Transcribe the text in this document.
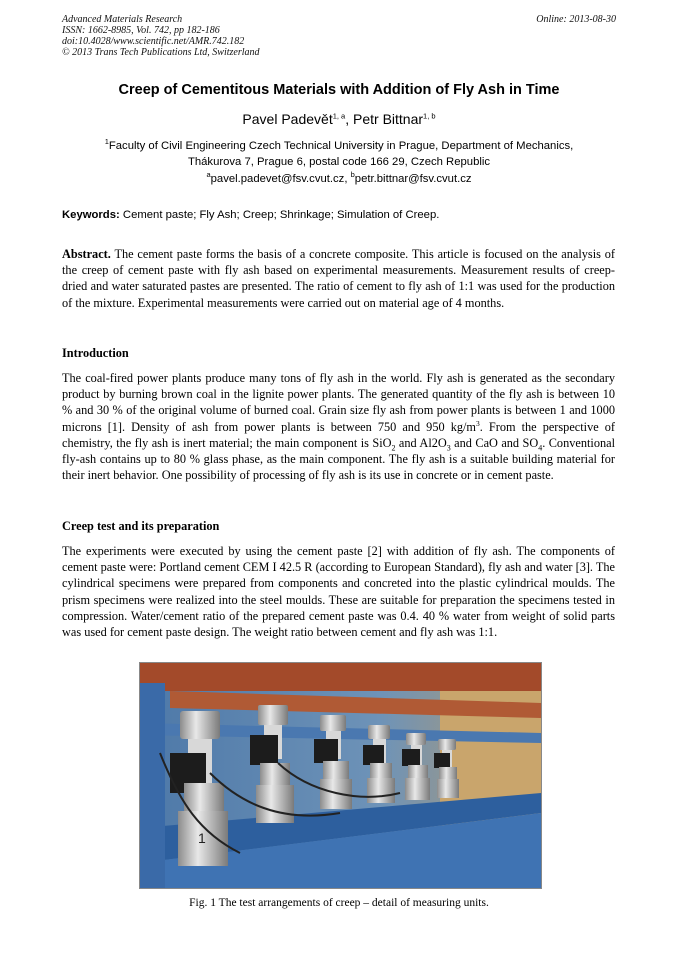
Advanced Materials Research
ISSN: 1662-8985, Vol. 742, pp 182-186
doi:10.4028/www.scientific.net/AMR.742.182
© 2013 Trans Tech Publications Ltd, Switzerland
Online: 2013-08-30
Creep of Cementitous Materials with Addition of Fly Ash in Time
Pavel Padevět$^{1, a}$, Petr Bittnar$^{1, b}$
$^1$Faculty of Civil Engineering Czech Technical University in Prague, Department of Mechanics,
Thákurova 7, Prague 6, postal code 166 29, Czech Republic
$^a$pavel.padevet@fsv.cvut.cz, $^b$petr.bittnar@fsv.cvut.cz
Keywords: Cement paste; Fly Ash; Creep; Shrinkage; Simulation of Creep.
Abstract. The cement paste forms the basis of a concrete composite. This article is focused on the analysis of the creep of cement paste with fly ash based on experimental measurements. Measurement results of creep-dried and water saturated pastes are presented. The ratio of cement to fly ash of 1:1 was used for the production of the mixture. Experimental measurements were carried out on material age of 4 months.
Introduction
The coal-fired power plants produce many tons of fly ash in the world. Fly ash is generated as the secondary product by burning brown coal in the lignite power plants. The generated quantity of the fly ash is between 10 % and 30 % of the original volume of burned coal. Grain size fly ash from power plants is between 1 and 1000 microns [1]. Density of ash from power plants is between 750 and 950 $kg/m^3$. From the perspective of chemistry, the fly ash is inert material; the main component is SiO$_2$ and $Al2O_3$ and CaO and $SO_4$. Conventional fly-ash contains up to 80 % glass phase, as the main component. The fly ash is a suitable building material for their inert behavior. One possibility of processing of fly ash is its use in concrete or in cement paste.
Creep test and its preparation
The experiments were executed by using the cement paste [2] with addition of fly ash. The components of cement paste were: Portland cement CEM I 42.5 R (according to European Standard), fly ash and water [3]. The cylindrical specimens were prepared from components and concreted into the plastic cylindrical moulds. The prism specimens were realized into the steel moulds. These are suitable for preparation the specimens tested in compression. Water/cement ratio of the prepared cement paste was 0.4. 40 % water from weight of solid parts was used for cement paste design. The weight ratio between cement and fly ash was 1:1.
1
Fig. 1 The test arrangements of creep – detail of measuring units.
